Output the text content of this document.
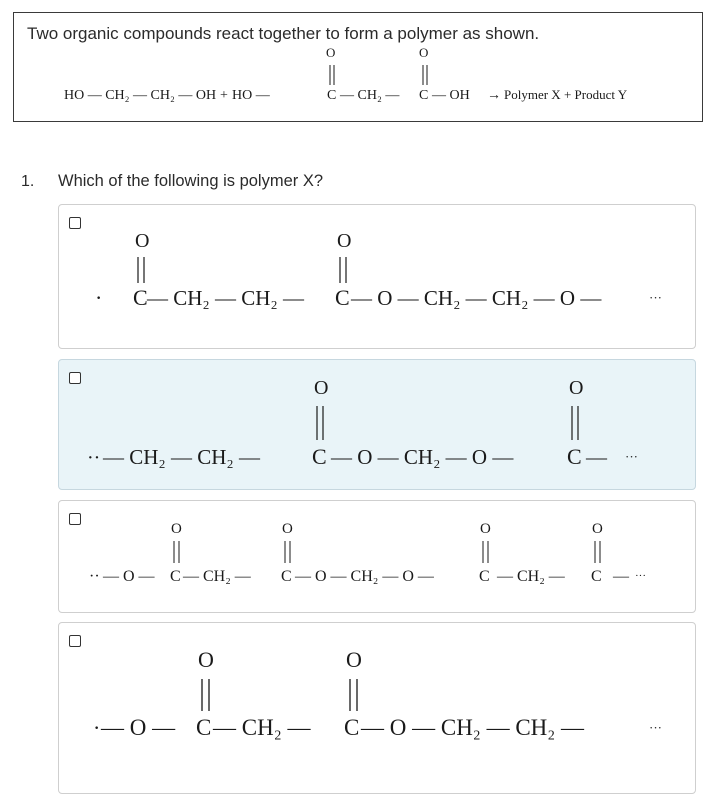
Two organic compounds react together to form a polymer as shown.
HO — CH₂ — CH₂ — OH + HO —	C
O
— CH₂ — C
O
— OH → Polymer X + Product Y
1. Which of the following is polymer X?
·
O
C — CH₂ — CH₂ —
O
C — O — CH₂ — CH₂ — O —	···
·· — CH₂ — CH₂ —
O
C — O — CH₂ — O —
O
C — ···
·· — O —
O
C — CH₂ —
O
C — O — CH₂ — O —
O
C — CH₂ —
O
C — ···
· — O —
O
C — CH₂ —
O
C — O — CH₂ — CH₂ —	···
